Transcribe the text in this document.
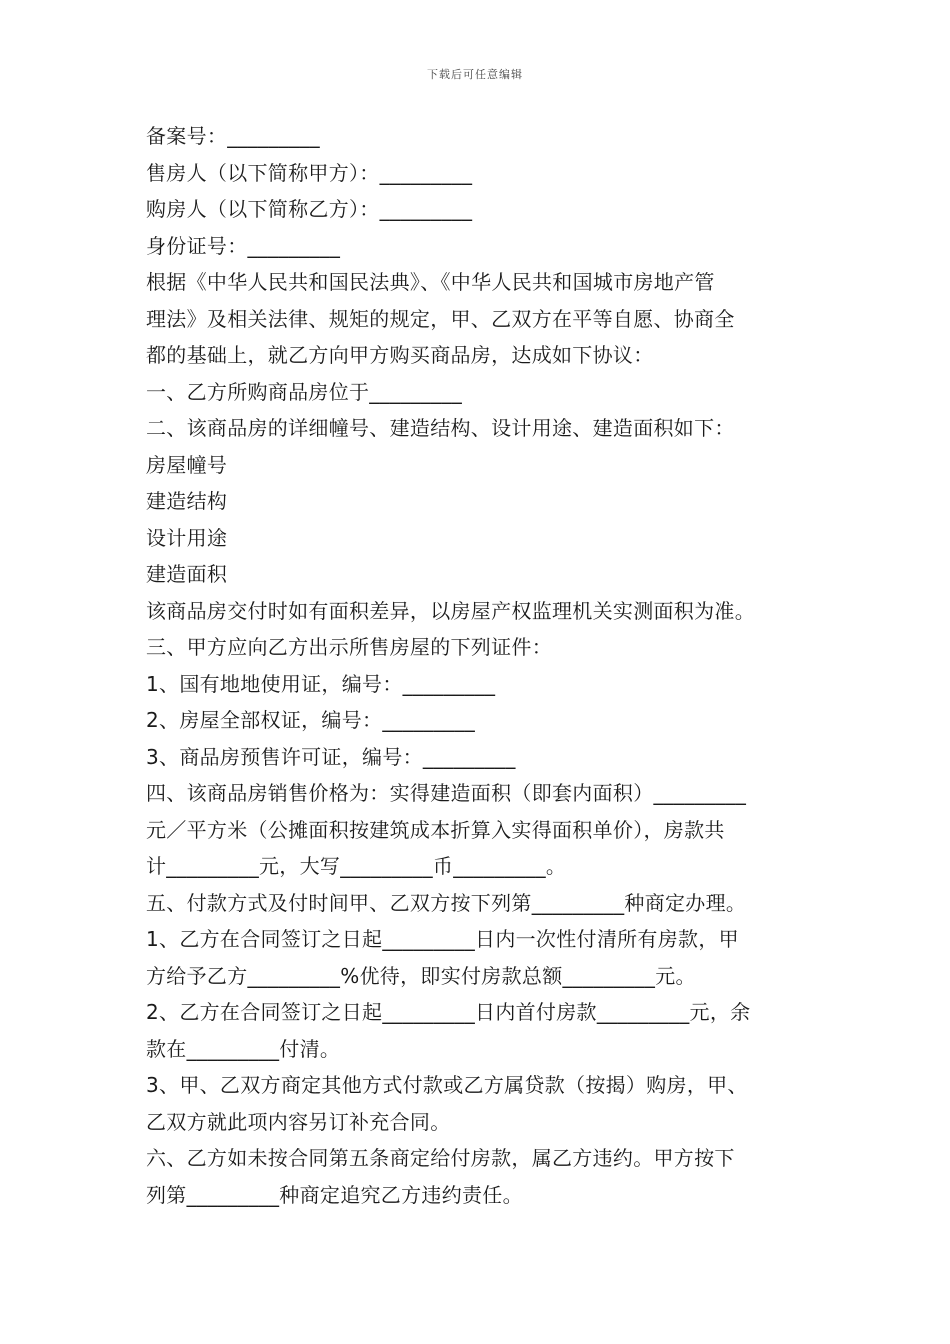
下载后可任意编辑
备案号：_________
售房人（以下简称甲方）：_________
购房人（以下简称乙方）：_________
身份证号：_________
根据《中华人民共和国民法典》、《中华人民共和国城市房地产管
理法》及相关法律、规矩的规定，甲、乙双方在平等自愿、协商全
都的基础上，就乙方向甲方购买商品房，达成如下协议：
一、乙方所购商品房位于_________
二、该商品房的详细幢号、建造结构、设计用途、建造面积如下：
房屋幢号
建造结构
设计用途
建造面积
该商品房交付时如有面积差异，以房屋产权监理机关实测面积为准。
三、甲方应向乙方出示所售房屋的下列证件：
1、国有地地使用证，编号：_________
2、房屋全部权证，编号：_________
3、商品房预售许可证，编号：_________
四、该商品房销售价格为：实得建造面积（即套内面积）_________
元／平方米（公摊面积按建筑成本折算入实得面积单价），房款共
计_________元，大写_________币_________。
五、付款方式及付时间甲、乙双方按下列第_________种商定办理。
1、乙方在合同签订之日起_________日内一次性付清所有房款，甲
方给予乙方_________%优待，即实付房款总额_________元。
2、乙方在合同签订之日起_________日内首付房款_________元，余
款在_________付清。
3、甲、乙双方商定其他方式付款或乙方属贷款（按揭）购房，甲、
乙双方就此项内容另订补充合同。
六、乙方如未按合同第五条商定给付房款，属乙方违约。甲方按下
列第_________种商定追究乙方违约责任。
